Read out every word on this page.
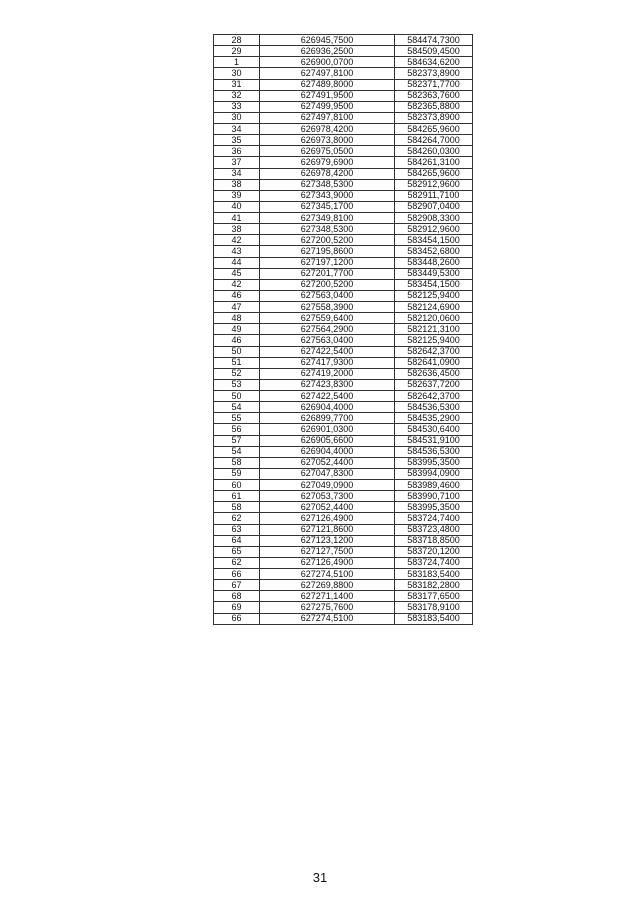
28	626945,7500	584474,7300
29	626936,2500	584509,4500
1	626900,0700	584634,6200
30	627497,8100	582373,8900
31	627489,8000	582371,7700
32	627491,9500	582363,7600
33	627499,9500	582365,8800
30	627497,8100	582373,8900
34	626978,4200	584265,9600
35	626973,8000	584264,7000
36	626975,0500	584260,0300
37	626979,6900	584261,3100
34	626978,4200	584265,9600
38	627348,5300	582912,9600
39	627343,9000	582911,7100
40	627345,1700	582907,0400
41	627349,8100	582908,3300
38	627348,5300	582912,9600
42	627200,5200	583454,1500
43	627195,8600	583452,6800
44	627197,1200	583448,2600
45	627201,7700	583449,5300
42	627200,5200	583454,1500
46	627563,0400	582125,9400
47	627558,3900	582124,6900
48	627559,6400	582120,0600
49	627564,2900	582121,3100
46	627563,0400	582125,9400
50	627422,5400	582642,3700
51	627417,9300	582641,0900
52	627419,2000	582636,4500
53	627423,8300	582637,7200
50	627422,5400	582642,3700
54	626904,4000	584536,5300
55	626899,7700	584535,2900
56	626901,0300	584530,6400
57	626905,6600	584531,9100
54	626904,4000	584536,5300
58	627052,4400	583995,3500
59	627047,8300	583994,0900
60	627049,0900	583989,4600
61	627053,7300	583990,7100
58	627052,4400	583995,3500
62	627126,4900	583724,7400
63	627121,8600	583723,4800
64	627123,1200	583718,8500
65	627127,7500	583720,1200
62	627126,4900	583724,7400
66	627274,5100	583183,5400
67	627269,8800	583182,2800
68	627271,1400	583177,6500
69	627275,7600	583178,9100
66	627274,5100	583183,5400
31
